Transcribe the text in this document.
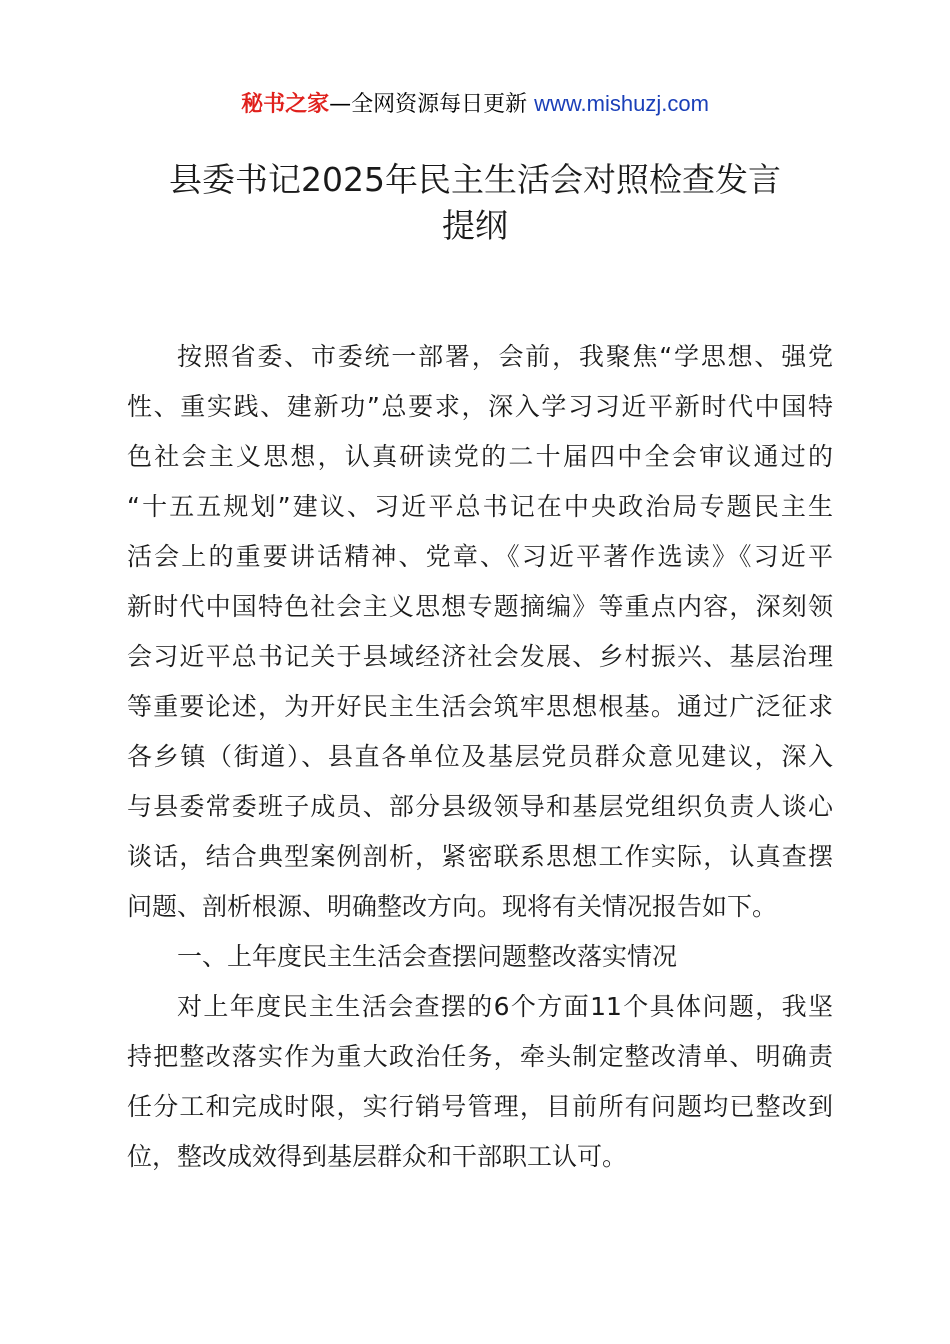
秘书之家—全网资源每日更新 www.mishuzj.com
县委书记2025年民主生活会对照检查发言
提纲
按照省委、市委统一部署，会前，我聚焦“学思想、强党
性、重实践、建新功”总要求，深入学习习近平新时代中国特
色社会主义思想，认真研读党的二十届四中全会审议通过的
“十五五规划”建议、习近平总书记在中央政治局专题民主生
活会上的重要讲话精神、党章、《习近平著作选读》《习近平
新时代中国特色社会主义思想专题摘编》等重点内容，深刻领
会习近平总书记关于县域经济社会发展、乡村振兴、基层治理
等重要论述，为开好民主生活会筑牢思想根基。通过广泛征求
各乡镇（街道）、县直各单位及基层党员群众意见建议，深入
与县委常委班子成员、部分县级领导和基层党组织负责人谈心
谈话，结合典型案例剖析，紧密联系思想工作实际，认真查摆
问题、剖析根源、明确整改方向。现将有关情况报告如下。
一、上年度民主生活会查摆问题整改落实情况
对上年度民主生活会查摆的6个方面11个具体问题，我坚
持把整改落实作为重大政治任务，牵头制定整改清单、明确责
任分工和完成时限，实行销号管理，目前所有问题均已整改到
位，整改成效得到基层群众和干部职工认可。
